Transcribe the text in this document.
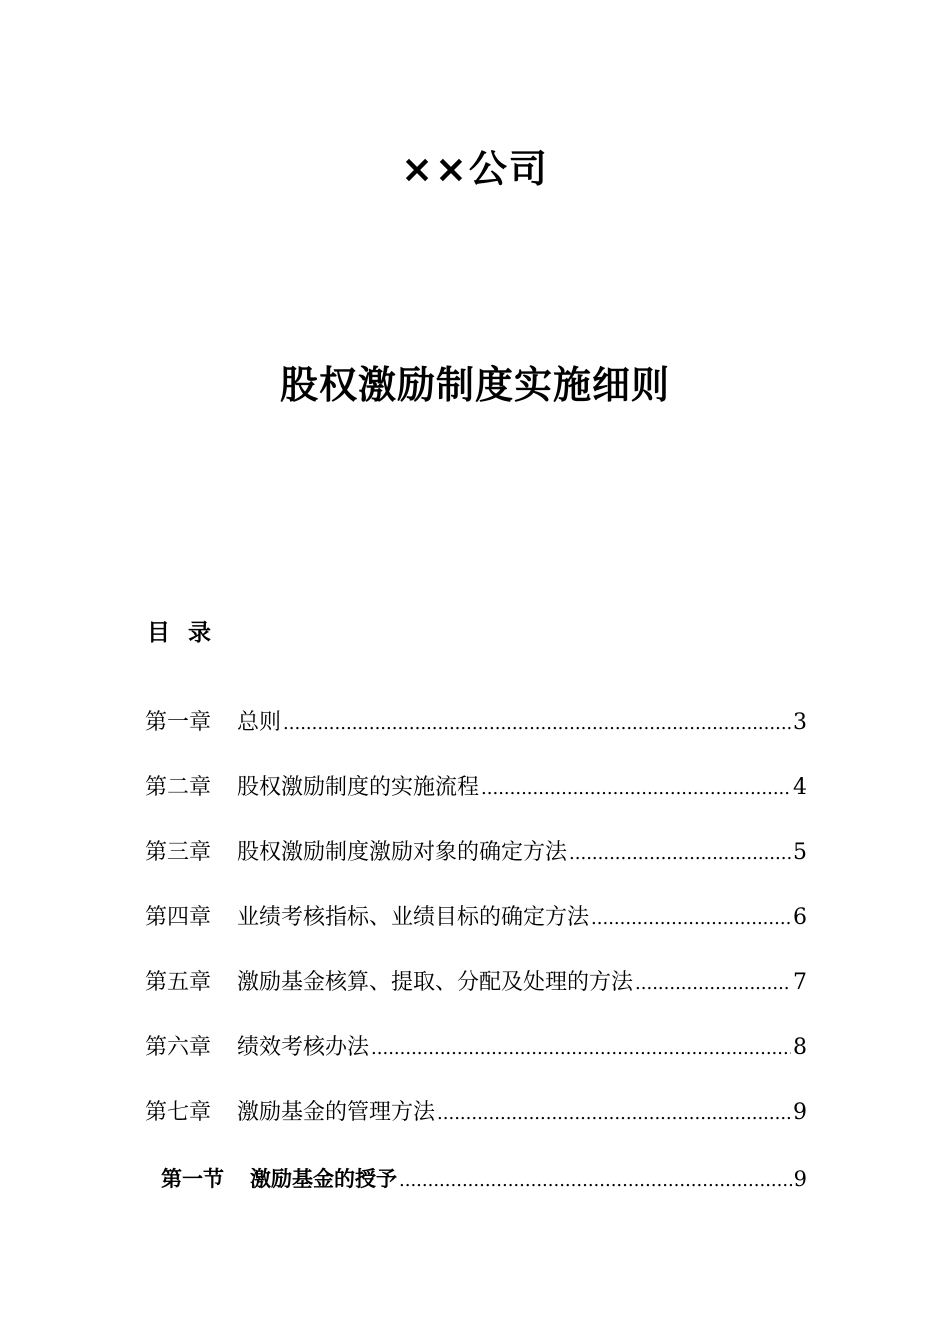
××公司
股权激励制度实施细则
目录
第一章 总则 .....	3
第二章 股权激励制度的实施流程 .....	4
第三章 股权激励制度激励对象的确定方法 .....	5
第四章 业绩考核指标、业绩目标的确定方法 .....	6
第五章 激励基金核算、提取、分配及处理的方法 .....	7
第六章 绩效考核办法 .....	8
第七章 激励基金的管理方法 .....	9
第一节 激励基金的授予 .....	9
